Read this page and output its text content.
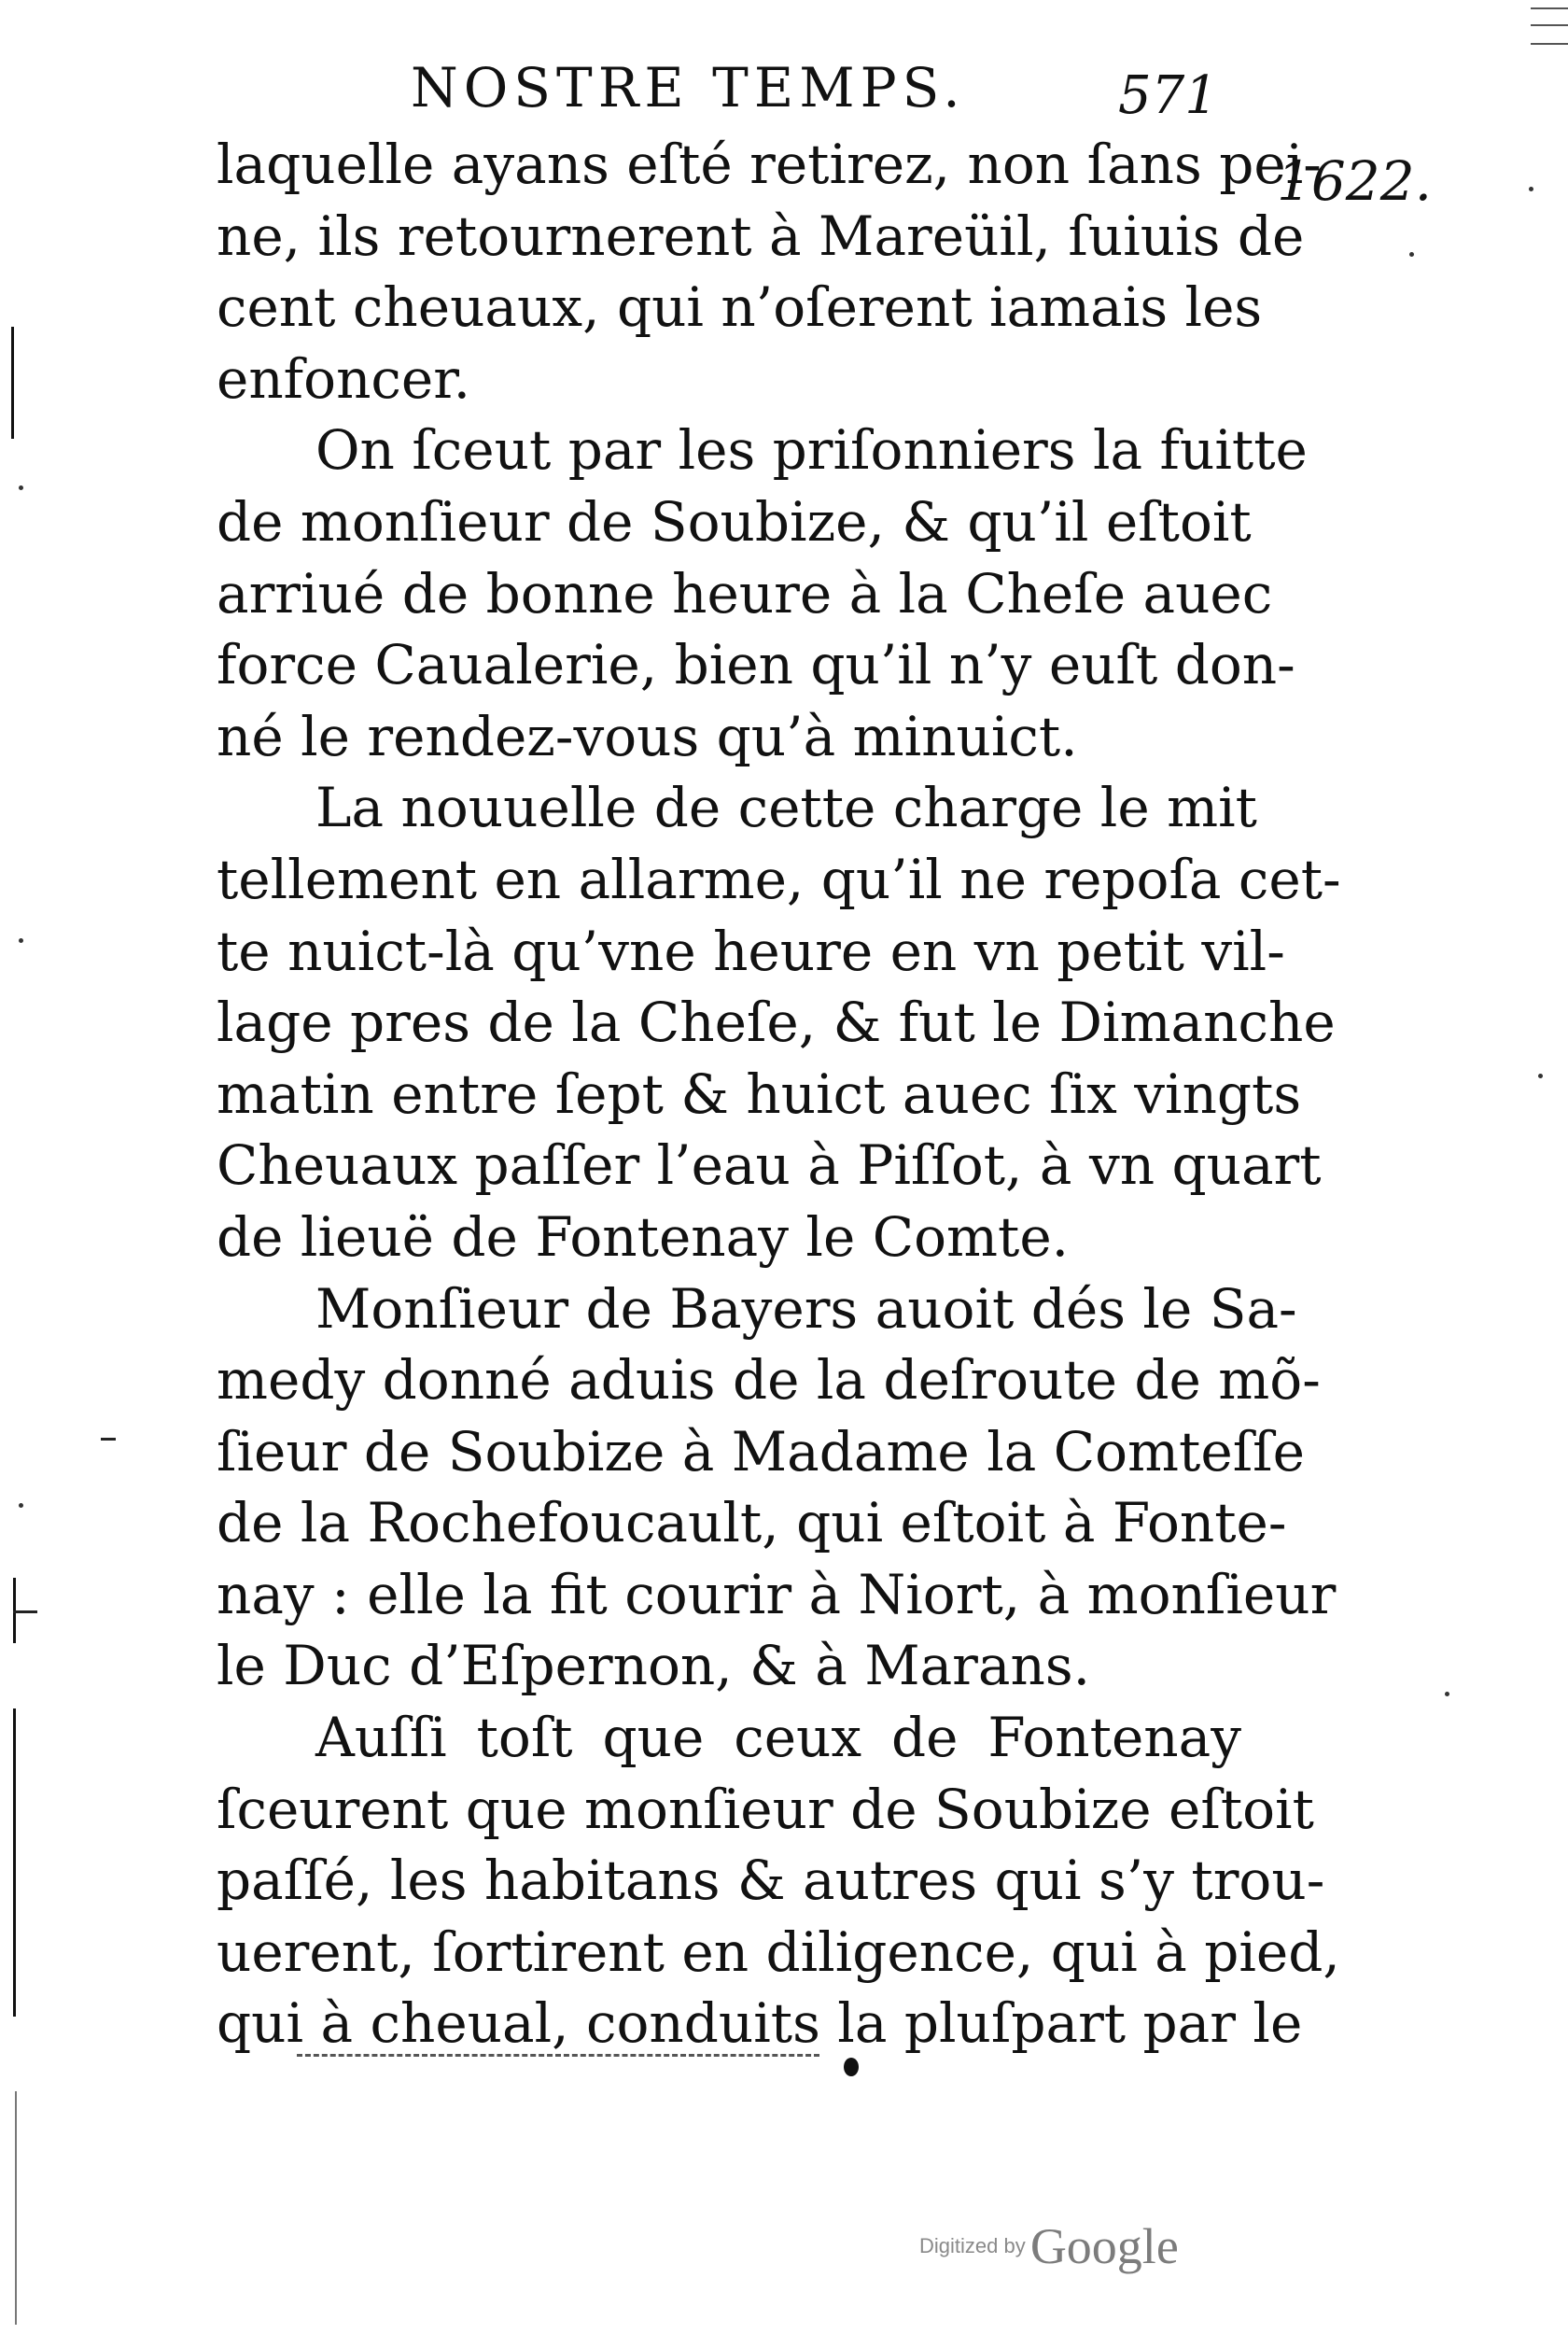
NOSTRE TEMPS.	571
1622.
laquelle ayans eſté retirez, non ſans pei-
ne, ils retournerent à Mareüil, ſuiuis de
cent cheuaux, qui n’oſerent iamais les
enfoncer.
On ſceut par les priſonniers la fuitte
de monſieur de Soubize, & qu’il eſtoit
arriué de bonne heure à la Cheſe auec
force Caualerie, bien qu’il n’y euſt don-
né le rendez-vous qu’à minuict.
La nouuelle de cette charge le mit
tellement en allarme, qu’il ne repoſa cet-
te nuict-là qu’vne heure en vn petit vil-
lage pres de la Cheſe, & fut le Dimanche
matin entre ſept & huict auec ſix vingts
Cheuaux paſſer l’eau à Piſſot, à vn quart
de lieuë de Fontenay le Comte.
Monſieur de Bayers auoit dés le Sa-
medy donné aduis de la deſroute de mõ-
ſieur de Soubize à Madame la Comteſſe
de la Rochefoucault, qui eſtoit à Fonte-
nay : elle la fit courir à Niort, à monſieur
le Duc d’Eſpernon, & à Marans.
Auſſi toſt que ceux de Fontenay
ſceurent que monſieur de Soubize eſtoit
paſſé, les habitans & autres qui s’y trou-
uerent, ſortirent en diligence, qui à pied,
qui à cheual, conduits la pluſpart par le
Digitized by Google
